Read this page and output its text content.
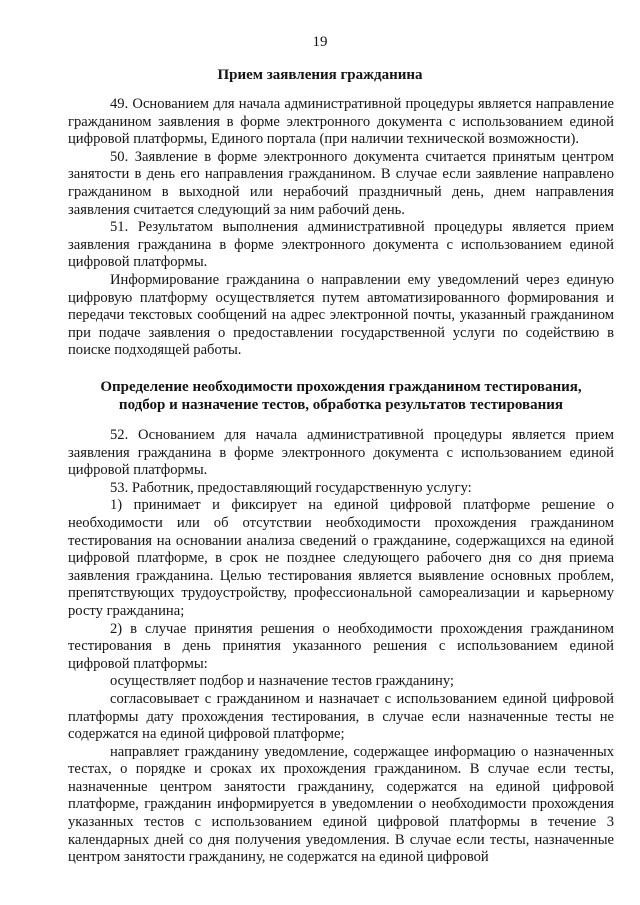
19
Прием заявления гражданина

49. Основанием для начала административной процедуры является направление гражданином заявления в форме электронного документа с использованием единой цифровой платформы, Единого портала (при наличии технической возможности).

50. Заявление в форме электронного документа считается принятым центром занятости в день его направления гражданином. В случае если заявление направлено гражданином в выходной или нерабочий праздничный день, днем направления заявления считается следующий за ним рабочий день.

51. Результатом выполнения административной процедуры является прием заявления гражданина в форме электронного документа с использованием единой цифровой платформы.

Информирование гражданина о направлении ему уведомлений через единую цифровую платформу осуществляется путем автоматизированного формирования и передачи текстовых сообщений на адрес электронной почты, указанный гражданином при подаче заявления о предоставлении государственной услуги по содействию в поиске подходящей работы.

Определение необходимости прохождения гражданином тестирования,
подбор и назначение тестов, обработка результатов тестирования

52. Основанием для начала административной процедуры является прием заявления гражданина в форме электронного документа с использованием единой цифровой платформы.

53. Работник, предоставляющий государственную услугу:

1) принимает и фиксирует на единой цифровой платформе решение о необходимости или об отсутствии необходимости прохождения гражданином тестирования на основании анализа сведений о гражданине, содержащихся на единой цифровой платформе, в срок не позднее следующего рабочего дня со дня приема заявления гражданина. Целью тестирования является выявление основных проблем, препятствующих трудоустройству, профессиональной самореализации и карьерному росту гражданина;

2) в случае принятия решения о необходимости прохождения гражданином тестирования в день принятия указанного решения с использованием единой цифровой платформы:

осуществляет подбор и назначение тестов гражданину;

согласовывает с гражданином и назначает с использованием единой цифровой платформы дату прохождения тестирования, в случае если назначенные тесты не содержатся на единой цифровой платформе;

направляет гражданину уведомление, содержащее информацию о назначенных тестах, о порядке и сроках их прохождения гражданином. В случае если тесты, назначенные центром занятости гражданину, содержатся на единой цифровой платформе, гражданин информируется в уведомлении о необходимости прохождения указанных тестов с использованием единой цифровой платформы в течение 3 календарных дней со дня получения уведомления. В случае если тесты, назначенные центром занятости гражданину, не содержатся на единой цифровой
